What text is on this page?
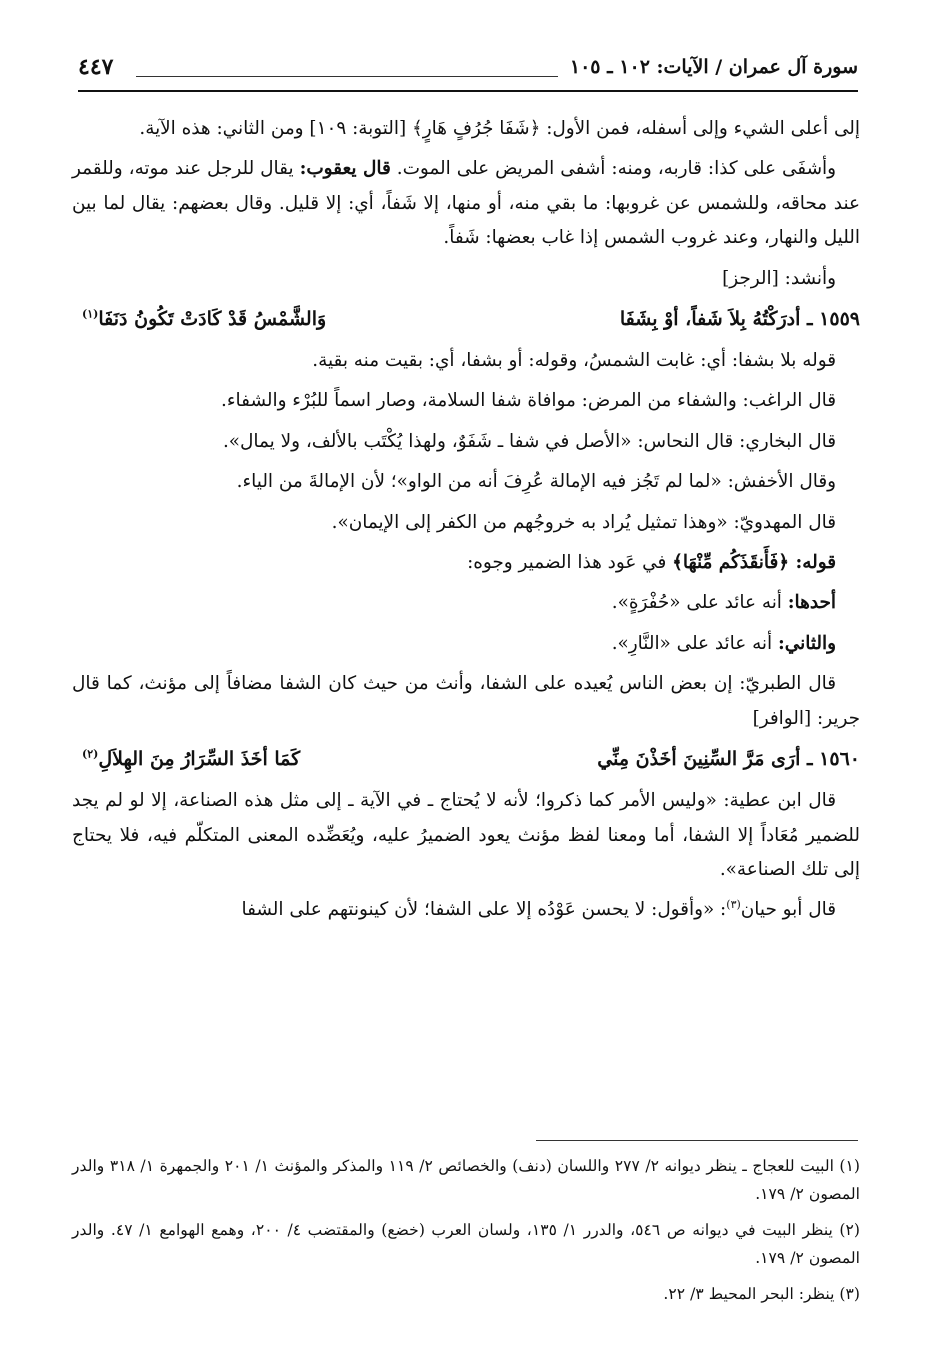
سورة آل عمران / الآيات: ١٠٢ ـ ١٠٥
٤٤٧

إلى أعلى الشيء وإلى أسفله، فمن الأول: ﴿شَفَا جُرُفٍ هَارٍ﴾ [التوبة: ١٠٩] ومن الثاني: هذه الآية.

وأشفَى على كذا: قاربه، ومنه: أشفى المريض على الموت. قال يعقوب: يقال للرجل عند موته، وللقمر عند محاقه، وللشمس عن غروبها: ما بقي منه، أو منها، إلا شَفاً، أي: إلا قليل. وقال بعضهم: يقال لما بين الليل والنهار، وعند غروب الشمس إذا غاب بعضها: شَفاً.

وأنشد: [الرجز]

١٥٥٩ ـ أدرَكْتُهُ بِلاَ شَفاً، أوْ بِشَفَا
وَالشَّمْسُ قَدْ كَادَتْ تَكُونُ دَنَفَا$^{(١)}$

قوله بلا بشفا: أي: غابت الشمسُ، وقوله: أو بشفا، أي: بقيت منه بقية.

قال الراغب: والشفاء من المرض: موافاة شفا السلامة، وصار اسماً للبُرْء والشفاء.

قال البخاري: قال النحاس: «الأصل في شفا ـ شَفَوٌ، ولهذا يُكْتَب بالألف، ولا يمال».

وقال الأخفش: «لما لم تَجُز فيه الإمالة عُرِفَ أنه من الواو»؛ لأن الإمالةَ من الياء.

قال المهدويّ: «وهذا تمثيل يُراد به خروجُهم من الكفر إلى الإيمان».

قوله: ﴿فَأَنقَذَكُم مِّنْهَا﴾ في عَود هذا الضمير وجوه:

أحدها: أنه عائد على «حُفْرَةٍ».

والثاني: أنه عائد على «النَّارِ».

قال الطبريّ: إن بعض الناس يُعيده على الشفا، وأنث من حيث كان الشفا مضافاً إلى مؤنث، كما قال جرير: [الوافر]

١٥٦٠ ـ أرَى مَرَّ السِّنِينَ أخَذْنَ مِنِّي
كَمَا أخَذَ السِّرَارُ مِنَ الهِلاَلِ$^{(٢)}$

قال ابن عطية: «وليس الأمر كما ذكروا؛ لأنه لا يُحتاج ـ في الآية ـ إلى مثل هذه الصناعة، إلا لو لم يجد للضمير مُعَاداً إلا الشفا، أما ومعنا لفظ مؤنث يعود الضميرُ عليه، ويُعَضِّده المعنى المتكلّم فيه، فلا يحتاج إلى تلك الصناعة».

قال أبو حيان$^{(٣)}$: «وأقول: لا يحسن عَوْدُه إلا على الشفا؛ لأن كينونتهم على الشفا

(١) البيت للعجاج ـ ينظر ديوانه ٢/ ٢٧٧ واللسان (دنف) والخصائص ٢/ ١١٩ والمذكر والمؤنث ١/ ٢٠١ والجمهرة ١/ ٣١٨ والدر المصون ٢/ ١٧٩.

(٢) ينظر البيت في ديوانه ص ٥٤٦، والدرر ١/ ١٣٥، ولسان العرب (خضع) والمقتضب ٤/ ٢٠٠، وهمع الهوامع ١/ ٤٧. والدر المصون ٢/ ١٧٩.

(٣) ينظر: البحر المحيط ٣/ ٢٢.
